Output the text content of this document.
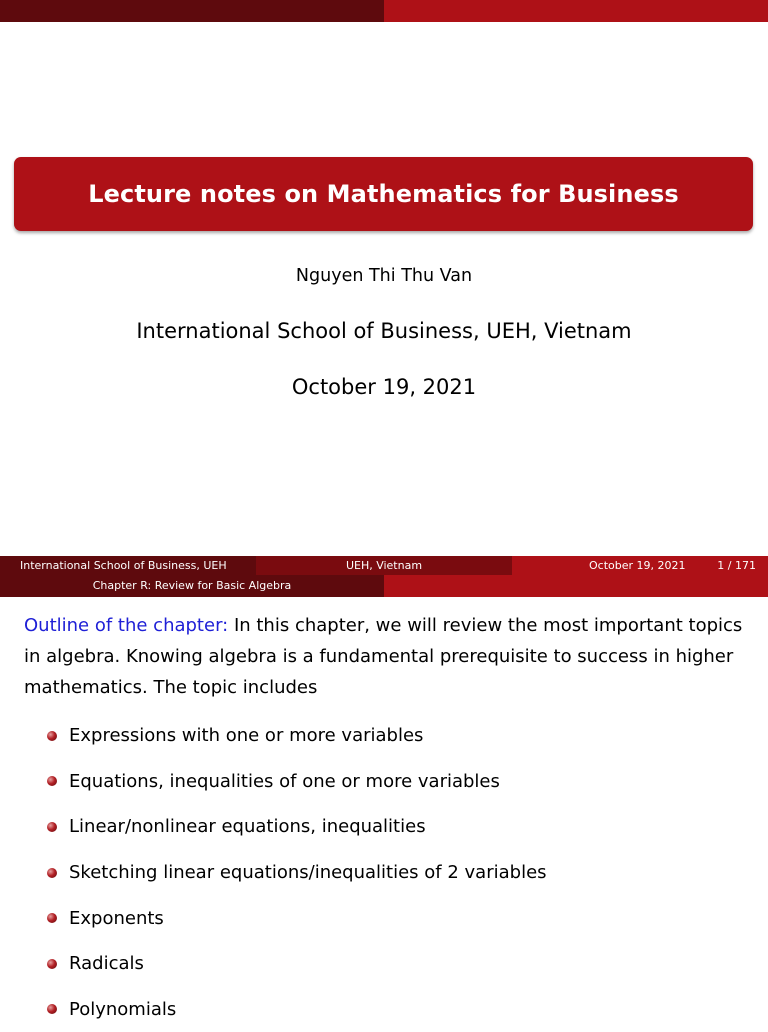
Lecture notes on Mathematics for Business
Nguyen Thi Thu Van
International School of Business, UEH, Vietnam
October 19, 2021
International School of Business, UEH	UEH, Vietnam	October 19, 2021	1 / 171
Chapter R: Review for Basic Algebra
Outline of the chapter: In this chapter, we will review the most important topics in algebra. Knowing algebra is a fundamental prerequisite to success in higher mathematics. The topic includes
Expressions with one or more variables
Equations, inequalities of one or more variables
Linear/nonlinear equations, inequalities
Sketching linear equations/inequalities of 2 variables
Exponents
Radicals
Polynomials
